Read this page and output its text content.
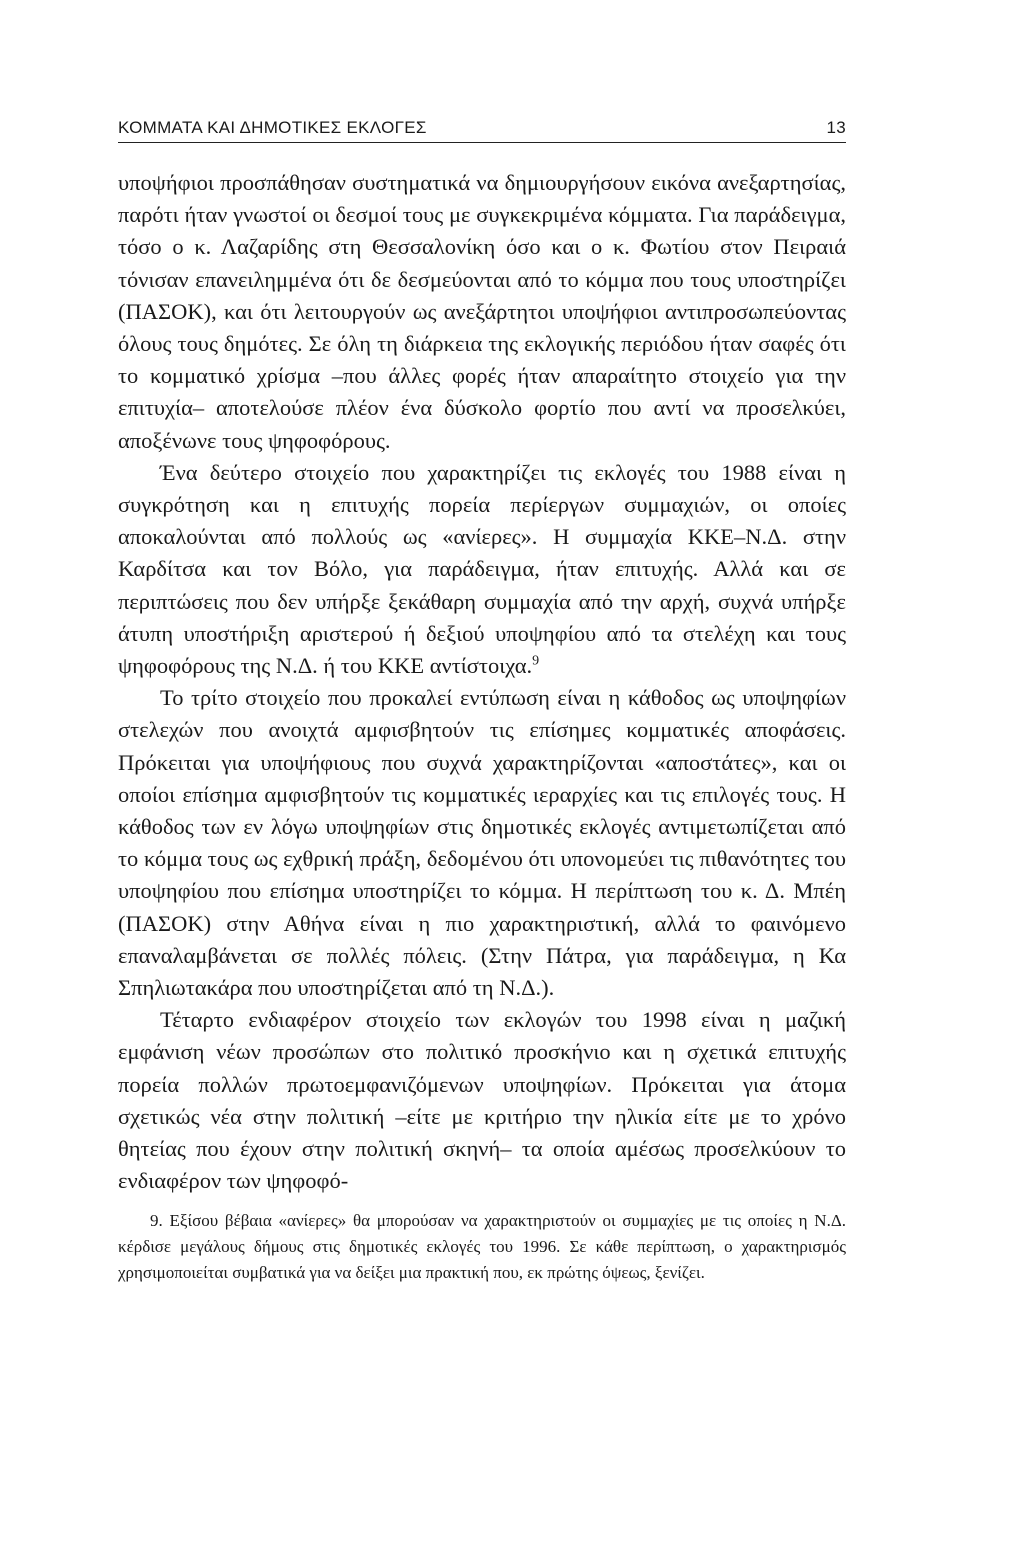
ΚΟΜΜΑΤΑ ΚΑΙ ΔΗΜΟΤΙΚΕΣ ΕΚΛΟΓΕΣ	13

υποψήφιοι προσπάθησαν συστηματικά να δημιουργήσουν εικόνα ανεξαρτησίας, παρότι ήταν γνωστοί οι δεσμοί τους με συγκεκριμένα κόμματα. Για παράδειγμα, τόσο ο κ. Λαζαρίδης στη Θεσσαλονίκη όσο και ο κ. Φωτίου στον Πειραιά τόνισαν επανειλημμένα ότι δε δεσμεύονται από το κόμμα που τους υποστηρίζει (ΠΑΣΟΚ), και ότι λειτουργούν ως ανεξάρτητοι υποψήφιοι αντιπροσωπεύοντας όλους τους δημότες. Σε όλη τη διάρκεια της εκλογικής περιόδου ήταν σαφές ότι το κομματικό χρίσμα –που άλλες φορές ήταν απαραίτητο στοιχείο για την επιτυχία– αποτελούσε πλέον ένα δύσκολο φορτίο που αντί να προσελκύει, αποξένωνε τους ψηφοφόρους.

Ένα δεύτερο στοιχείο που χαρακτηρίζει τις εκλογές του 1988 είναι η συγκρότηση και η επιτυχής πορεία περίεργων συμμαχιών, οι οποίες αποκαλούνται από πολλούς ως «ανίερες». Η συμμαχία ΚΚΕ–Ν.Δ. στην Καρδίτσα και τον Βόλο, για παράδειγμα, ήταν επιτυχής. Αλλά και σε περιπτώσεις που δεν υπήρξε ξεκάθαρη συμμαχία από την αρχή, συχνά υπήρξε άτυπη υποστήριξη αριστερού ή δεξιού υποψηφίου από τα στελέχη και τους ψηφοφόρους της Ν.Δ. ή του ΚΚΕ αντίστοιχα.$^9$

Το τρίτο στοιχείο που προκαλεί εντύπωση είναι η κάθοδος ως υποψηφίων στελεχών που ανοιχτά αμφισβητούν τις επίσημες κομματικές αποφάσεις. Πρόκειται για υποψήφιους που συχνά χαρακτηρίζονται «αποστάτες», και οι οποίοι επίσημα αμφισβητούν τις κομματικές ιεραρχίες και τις επιλογές τους. Η κάθοδος των εν λόγω υποψηφίων στις δημοτικές εκλογές αντιμετωπίζεται από το κόμμα τους ως εχθρική πράξη, δεδομένου ότι υπονομεύει τις πιθανότητες του υποψηφίου που επίσημα υποστηρίζει το κόμμα. Η περίπτωση του κ. Δ. Μπέη (ΠΑΣΟΚ) στην Αθήνα είναι η πιο χαρακτηριστική, αλλά το φαινόμενο επαναλαμβάνεται σε πολλές πόλεις. (Στην Πάτρα, για παράδειγμα, η Κα Σπηλιωτακάρα που υποστηρίζεται από τη Ν.Δ.).

Τέταρτο ενδιαφέρον στοιχείο των εκλογών του 1998 είναι η μαζική εμφάνιση νέων προσώπων στο πολιτικό προσκήνιο και η σχετικά επιτυχής πορεία πολλών πρωτοεμφανιζόμενων υποψηφίων. Πρόκειται για άτομα σχετικώς νέα στην πολιτική –είτε με κριτήριο την ηλικία είτε με το χρόνο θητείας που έχουν στην πολιτική σκηνή– τα οποία αμέσως προσελκύουν το ενδιαφέρον των ψηφοφό-

9. Εξίσου βέβαια «ανίερες» θα μπορούσαν να χαρακτηριστούν οι συμμαχίες με τις οποίες η Ν.Δ. κέρδισε μεγάλους δήμους στις δημοτικές εκλογές του 1996. Σε κάθε περίπτωση, ο χαρακτηρισμός χρησιμοποιείται συμβατικά για να δείξει μια πρακτική που, εκ πρώτης όψεως, ξενίζει.
